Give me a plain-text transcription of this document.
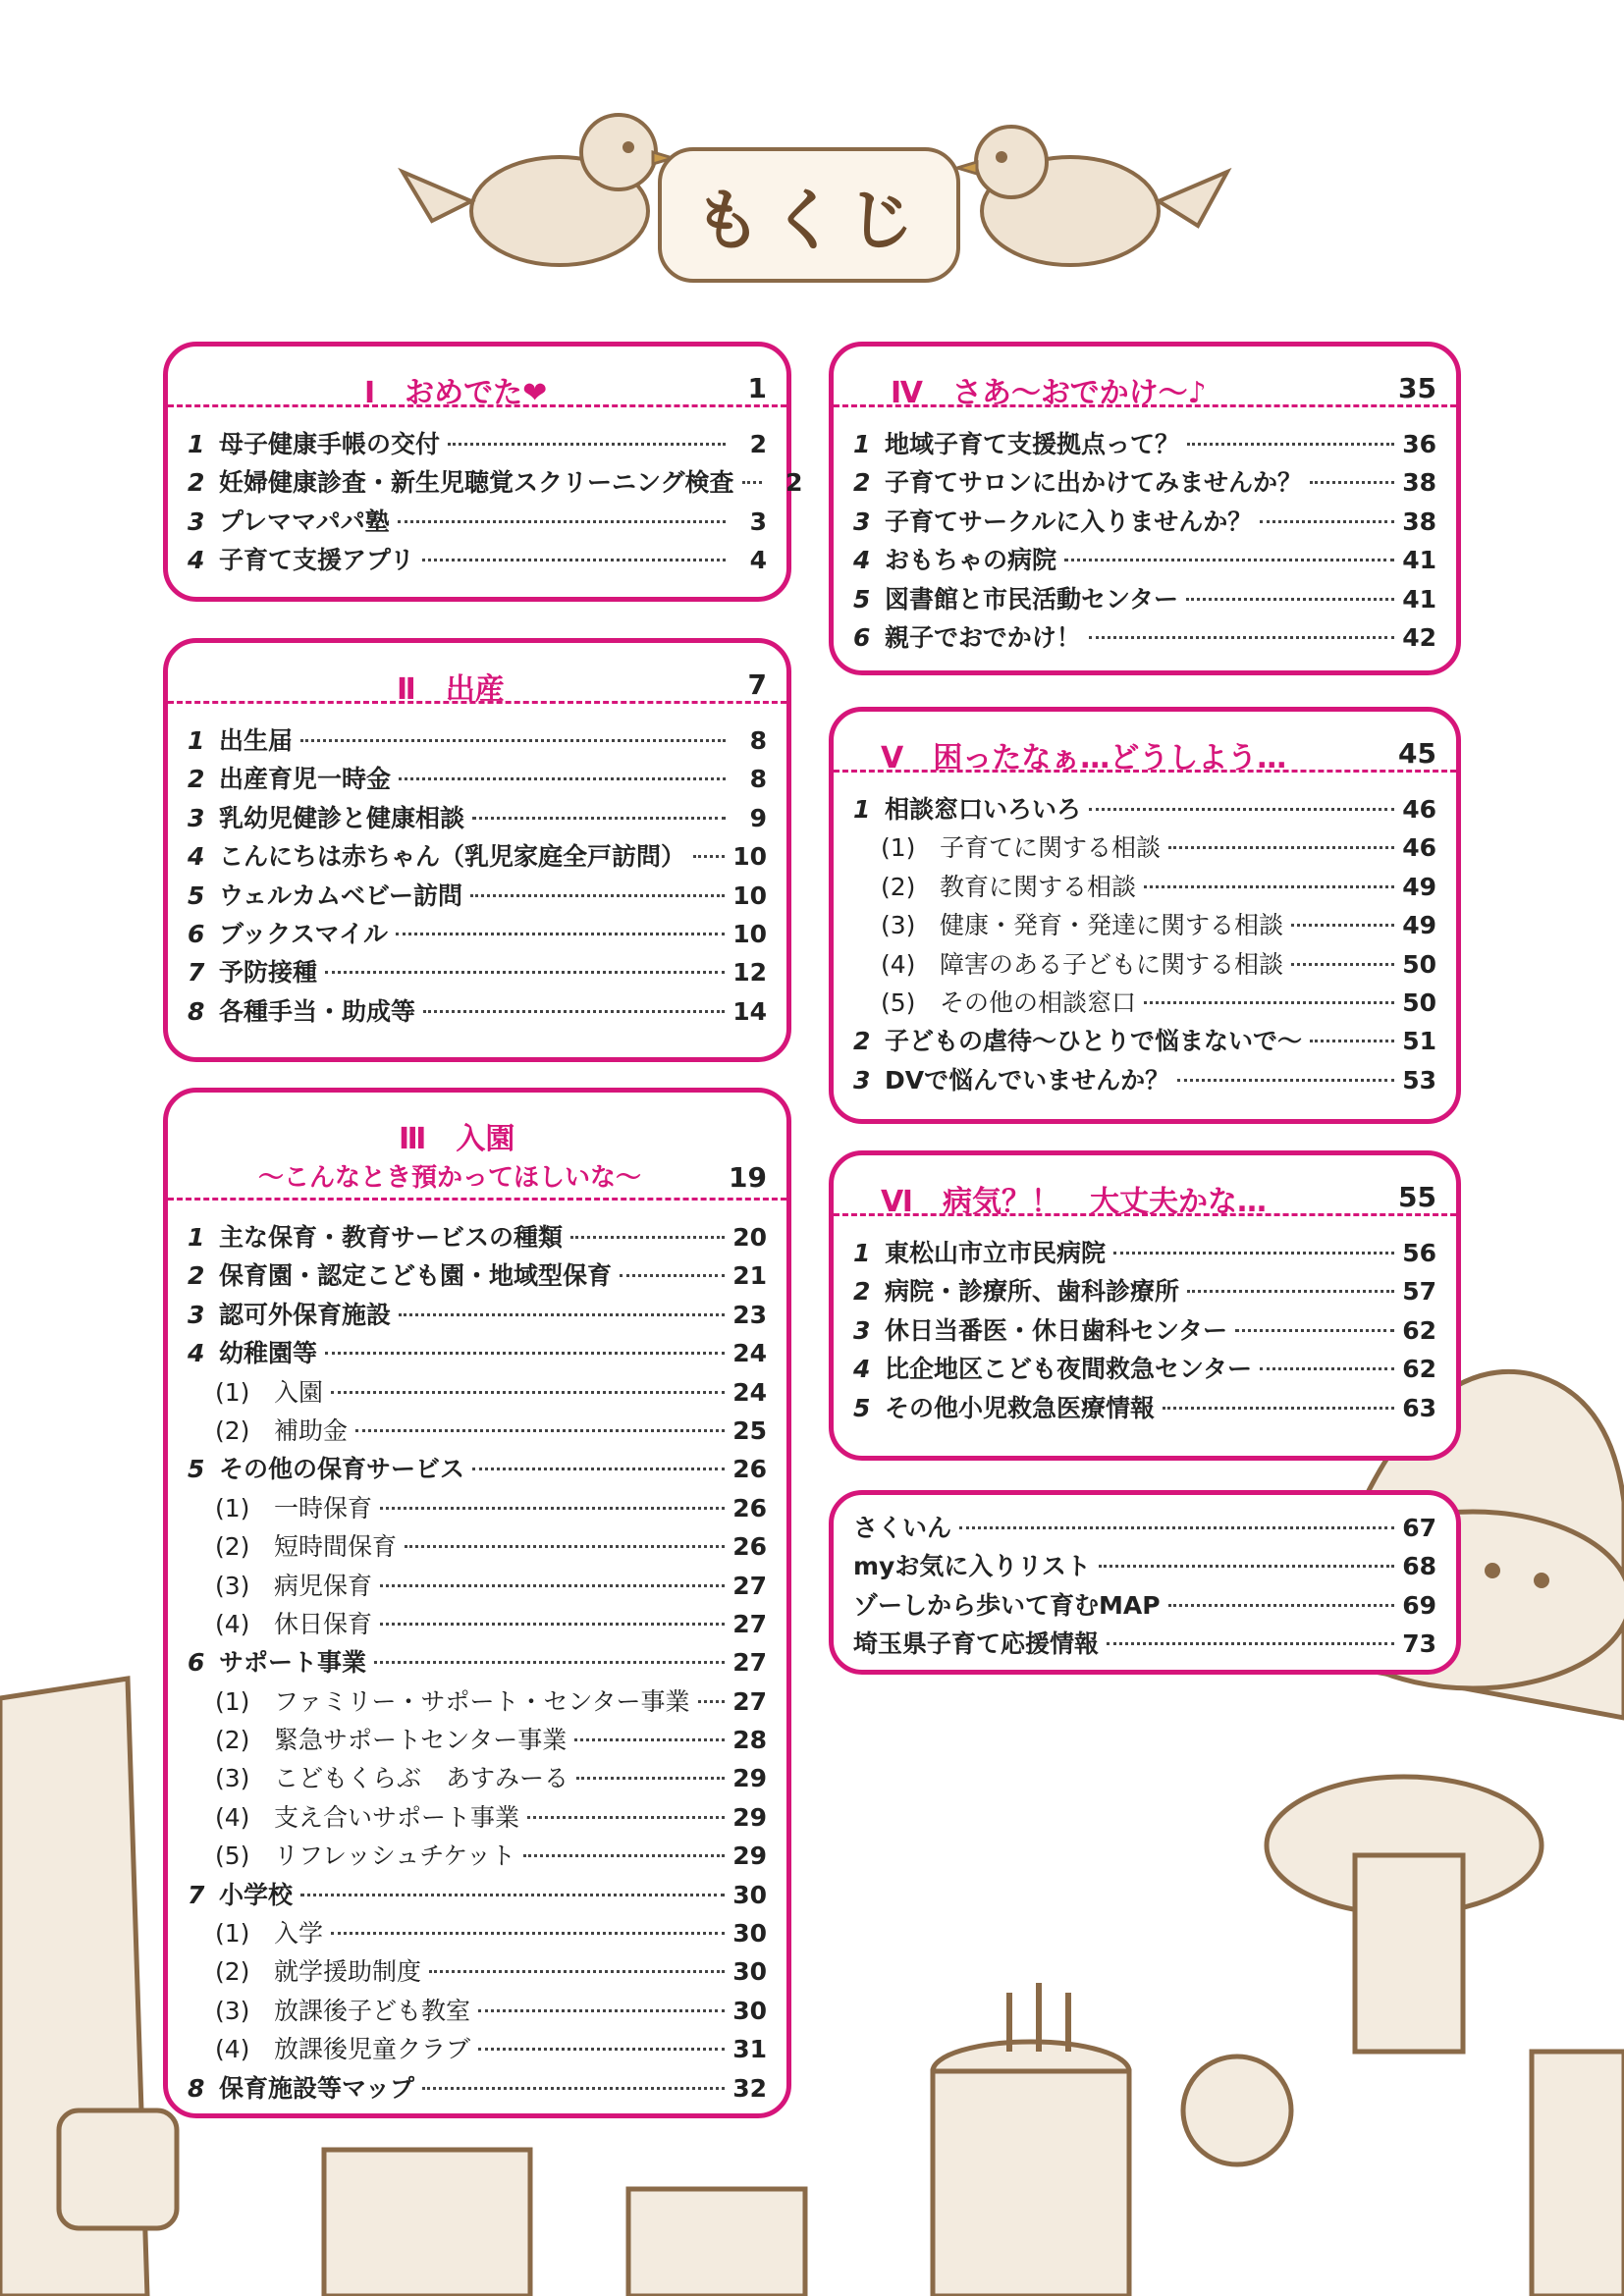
もくじ
Ⅰ　おめでた❤	1
1 母子健康手帳の交付	2
2 妊婦健康診査・新生児聴覚スクリーニング検査	2
3 プレママパパ塾	3
4 子育て支援アプリ	4
Ⅱ　出産	7
1 出生届	8
2 出産育児一時金	8
3 乳幼児健診と健康相談	9
4 こんにちは赤ちゃん（乳児家庭全戸訪問） 10
5 ウェルカムベビー訪問	10
6 ブックスマイル	10
7 予防接種	12
8 各種手当・助成等	14
Ⅲ　入園
～こんなとき預かってほしいな～	19
1 主な保育・教育サービスの種類	20
2 保育園・認定こども園・地域型保育	21
3 認可外保育施設	23
4 幼稚園等	24
(1) 入園	24
(2) 補助金	25
5 その他の保育サービス	26
(1) 一時保育	26
(2) 短時間保育	26
(3) 病児保育	27
(4) 休日保育	27
6 サポート事業	27
(1) ファミリー・サポート・センター事業 27
(2) 緊急サポートセンター事業	28
(3) こどもくらぶ　あすみーる	29
(4) 支え合いサポート事業	29
(5) リフレッシュチケット	29
7 小学校	30
(1) 入学	30
(2) 就学援助制度	30
(3) 放課後子ども教室	30
(4) 放課後児童クラブ	31
8 保育施設等マップ	32
Ⅳ　さあ～おでかけ～♪	35
1 地域子育て支援拠点って？	36
2 子育てサロンに出かけてみませんか？	38
3 子育てサークルに入りませんか？	38
4 おもちゃの病院	41
5 図書館と市民活動センター	41
6 親子でおでかけ！	42
Ⅴ　困ったなぁ…どうしよう…	45
1 相談窓口いろいろ	46
(1) 子育てに関する相談	46
(2) 教育に関する相談	49
(3) 健康・発育・発達に関する相談	49
(4) 障害のある子どもに関する相談	50
(5) その他の相談窓口	50
2 子どもの虐待～ひとりで悩まないで～	51
3 DVで悩んでいませんか？	53
Ⅵ　病気？！　大丈夫かな…	55
1 東松山市立市民病院	56
2 病院・診療所、歯科診療所	57
3 休日当番医・休日歯科センター	62
4 比企地区こども夜間救急センター	62
5 その他小児救急医療情報	63
さくいん	67
myお気に入りリスト	68
ゾーしから歩いて育むMAP	69
埼玉県子育て応援情報	73
